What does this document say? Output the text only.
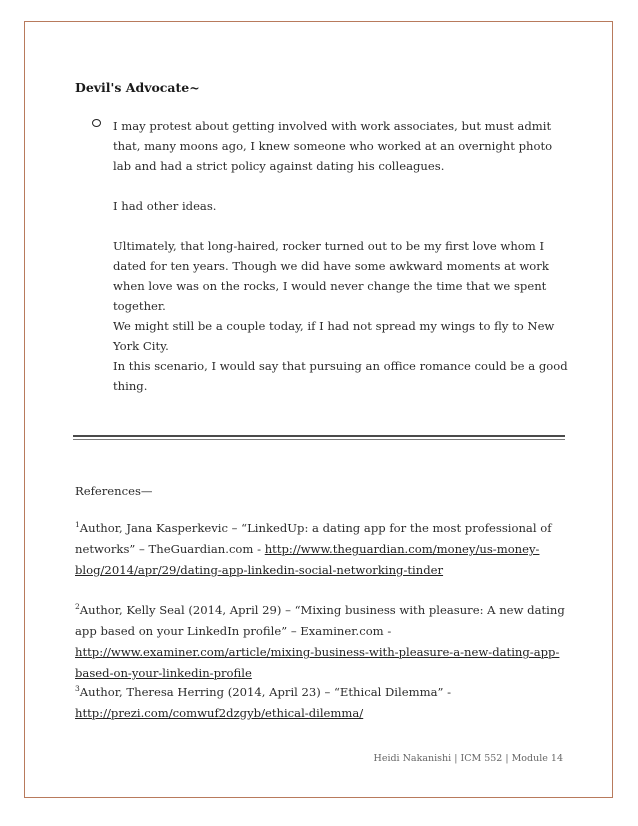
Devil's Advocate~

I may protest about getting involved with work associates, but must admit that, many moons ago, I knew someone who worked at an overnight photo lab and had a strict policy against dating his colleagues.

I had other ideas.

Ultimately, that long-haired, rocker turned out to be my first love whom I dated for ten years. Though we did have some awkward moments at work when love was on the rocks, I would never change the time that we spent together.

We might still be a couple today, if I had not spread my wings to fly to New York City.

In this scenario, I would say that pursuing an office romance could be a good thing.

References—

$^1$Author, Jana Kasperkevic – “LinkedUp: a dating app for the most professional of networks” – TheGuardian.com - http://www.theguardian.com/money/us-money-blog/2014/apr/29/dating-app-linkedin-social-networking-tinder

$^2$Author, Kelly Seal (2014, April 29) – “Mixing business with pleasure: A new dating app based on your LinkedIn profile” – Examiner.com - http://www.examiner.com/article/mixing-business-with-pleasure-a-new-dating-app-based-on-your-linkedin-profile

$^3$Author, Theresa Herring (2014, April 23) – “Ethical Dilemma” - http://prezi.com/comwuf2dzgyb/ethical-dilemma/

Heidi Nakanishi | ICM 552 | Module 14
